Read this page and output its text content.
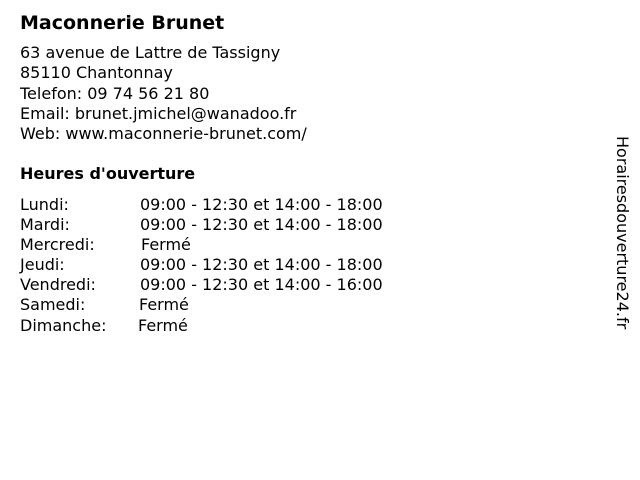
Maconnerie Brunet
63 avenue de Lattre de Tassigny
85110 Chantonnay
Telefon: 09 74 56 21 80
Email: brunet.jmichel@wanadoo.fr
Web: www.maconnerie-brunet.com/
Heures d'ouverture
Lundi:	09:00 - 12:30 et 14:00 - 18:00
Mardi:	09:00 - 12:30 et 14:00 - 18:00
Mercredi:	Fermé
Jeudi:	09:00 - 12:30 et 14:00 - 18:00
Vendredi:	09:00 - 12:30 et 14:00 - 16:00
Samedi:	Fermé
Dimanche: Fermé	Horairesdouverture24.fr
